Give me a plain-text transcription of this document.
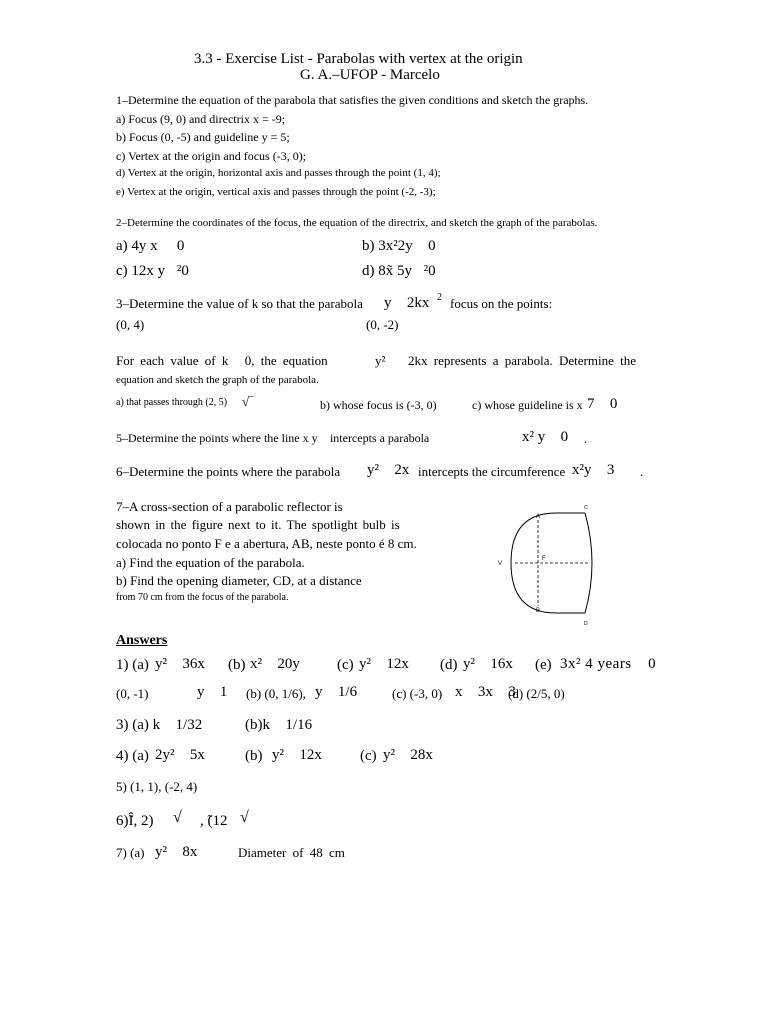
3.3 - Exercise List - Parabolas with vertex at the origin
G. A.–UFOP - Marcelo
1–Determine the equation of the parabola that satisfies the given conditions and sketch the graphs.
a) Focus (9, 0) and directrix x = -9;
b) Focus (0, -5) and guideline y = 5;
c) Vertex at the origin and focus (-3, 0);
d) Vertex at the origin, horizontal axis and passes through the point (1, 4);
e) Vertex at the origin, vertical axis and passes through the point (-2, -3);
2–Determine the coordinates of the focus, the equation of the directrix, and sketch the graph of the parabolas.
a) 4y x   0	b) 3x²2y  0
c) 12x y ²0	d) 8x̃ 5y ²0
3–Determine the value of k so that the parabola y  2kx 2 focus on the points:
(0, 4)	(0, -2)
For each value of k  0, the equation	y²   2kx represents a parabola. Determine the
equation and sketch the graph of the parabola.
a) that passes through (2, 5) √‾	b) whose focus is (-3, 0)	c) whose guideline is x 7  0
5–Determine the points where the line x y  intercepts a parabola	x² y  0 .
6–Determine the points where the parabola y²  2x intercepts the circumference x²y  3 .
7–A cross-section of a parabolic reflector is
shown in the figure next to it. The spotlight bulb is
colocada no ponto F e a abertura, AB, neste ponto é 8 cm.
a) Find the equation of the parabola.
b) Find the opening diameter, CD, at a distance
from 70 cm from the focus of the parabola.
A
B
C
D
F
V
Answers
1) (a) y²  36x (b) x²  20y (c) y²  12x (d) y²  16x (e) 3x² 4 years  0
(0, -1)	y  1 (b) (0, 1/6), y  1/6	(c) (-3, 0) x  3x  3
(d) (2/5, 0)
3) (a) k  1/32	(b)k  1/16
4) (a) 2y²  5x	(b) y²  12x	(c) y²  28x
5) (1, 1), (-2, 4)
6)̃Î, 2) √ , ̃(12 √
7) (a) y²  8x	Diameter of 48 cm
